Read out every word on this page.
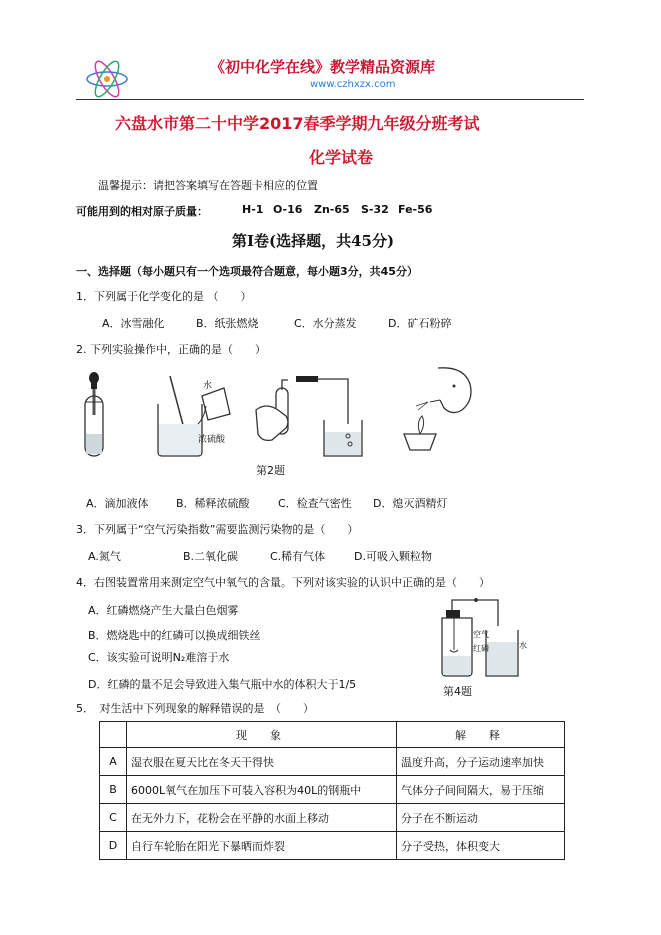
《初中化学在线》教学精品资源库
www.czhxzx.com
六盘水市第二十中学2017春季学期九年级分班考试
化学试卷
温馨提示：请把答案填写在答题卡相应的位置
可能用到的相对原子质量：	H-1 O-16 Zn-65 S-32 Fe-56
第Ⅰ卷(选择题，共45分)
一、选择题（每小题只有一个选项最符合题意，每小题3分，共45分）
1．下列属于化学变化的是 （　　）
A．冰雪融化	B．纸张燃烧	C．水分蒸发	D．矿石粉碎
2. 下列实验操作中，正确的是（　　）
水
浓硫酸
第2题
A．滴加液体 B．稀释浓硫酸	C．检查气密性 D．熄灭酒精灯
3．下列属于“空气污染指数”需要监测污染物的是（　　）
A.氮气	B.二氧化碳	C.稀有气体	D.可吸入颗粒物
4．右图装置常用来测定空气中氧气的含量。下列对该实验的认识中正确的是（　　）
A．红磷燃烧产生大量白色烟雾
B．燃烧匙中的红磷可以换成细铁丝
C．该实验可说明N₂难溶于水
D．红磷的量不足会导致进入集气瓶中水的体积大于1/5
空气
红磷	水
第4题
5．　对生活中下列现象的解释错误的是　（　　）
	现　象	解　释
A	湿衣服在夏天比在冬天干得快	温度升高，分子运动速率加快
B	6000L氧气在加压下可装入容积为40L的钢瓶中	气体分子间间隔大，易于压缩
C	在无外力下，花粉会在平静的水面上移动	分子在不断运动
D	自行车轮胎在阳光下暴晒而炸裂	分子受热，体积变大
